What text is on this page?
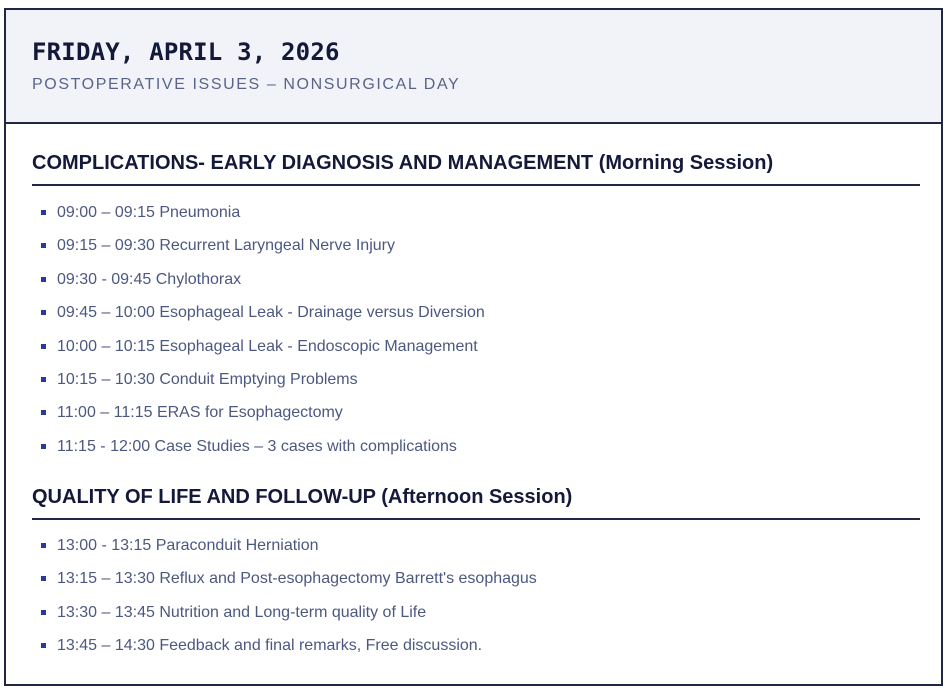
FRIDAY, APRIL 3, 2026

POSTOPERATIVE ISSUES – NONSURGICAL DAY

COMPLICATIONS- EARLY DIAGNOSIS AND MANAGEMENT (Morning Session)
09:00 – 09:15 Pneumonia
09:15 – 09:30 Recurrent Laryngeal Nerve Injury
09:30 - 09:45 Chylothorax
09:45 – 10:00 Esophageal Leak - Drainage versus Diversion
10:00 – 10:15 Esophageal Leak - Endoscopic Management
10:15 – 10:30 Conduit Emptying Problems
11:00 – 11:15 ERAS for Esophagectomy
11:15 - 12:00 Case Studies – 3 cases with complications
QUALITY OF LIFE AND FOLLOW-UP (Afternoon Session)
13:00 - 13:15 Paraconduit Herniation
13:15 – 13:30 Reflux and Post-esophagectomy Barrett's esophagus
13:30 – 13:45 Nutrition and Long-term quality of Life
13:45 – 14:30 Feedback and final remarks, Free discussion.
